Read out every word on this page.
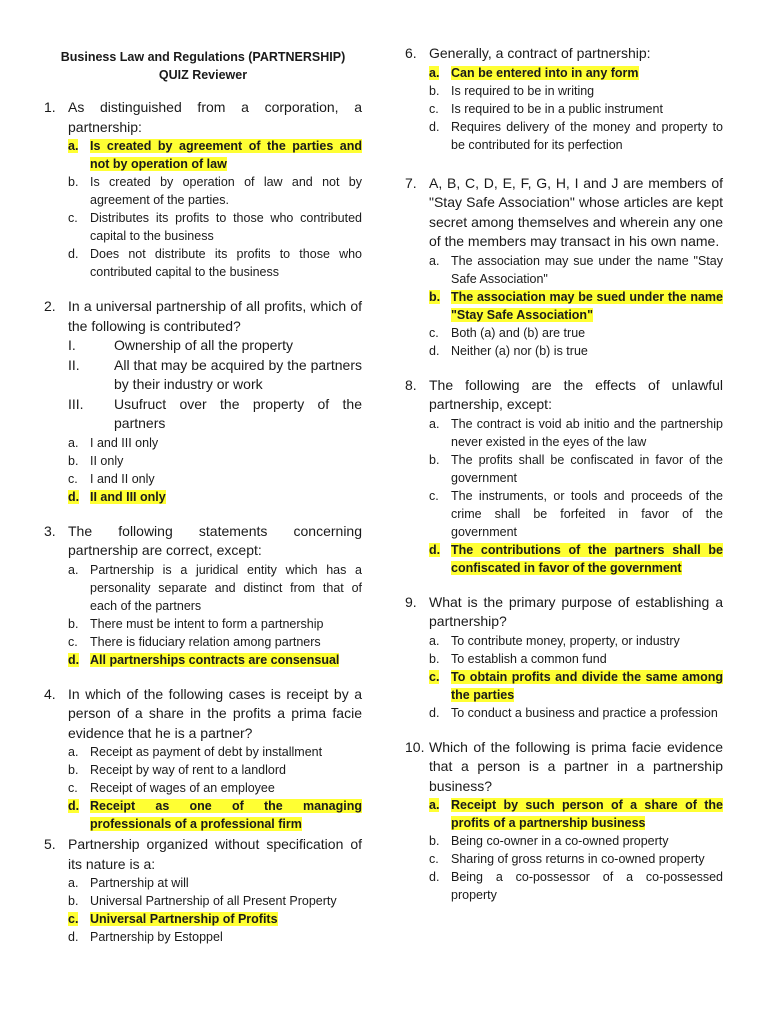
Business Law and Regulations (PARTNERSHIP)
QUIZ Reviewer
1. As distinguished from a corporation, a partnership:
a. Is created by agreement of the parties and not by operation of law
b. Is created by operation of law and not by agreement of the parties.
c. Distributes its profits to those who contributed capital to the business
d. Does not distribute its profits to those who contributed capital to the business
2. In a universal partnership of all profits, which of the following is contributed?
I.	Ownership of all the property
II.	All that may be acquired by the partners by their industry or work
III.	Usufruct over the property of the partners
a. I and III only
b. II only
c. I and II only
d. II and III only
3. The following statements concerning partnership are correct, except:
a. Partnership is a juridical entity which has a personality separate and distinct from that of each of the partners
b. There must be intent to form a partnership
c. There is fiduciary relation among partners
d. All partnerships contracts are consensual
4. In which of the following cases is receipt by a person of a share in the profits a prima facie evidence that he is a partner?
a. Receipt as payment of debt by installment
b. Receipt by way of rent to a landlord
c. Receipt of wages of an employee
d. Receipt as one of the managing professionals of a professional firm
5. Partnership organized without specification of its nature is a:
a. Partnership at will
b. Universal Partnership of all Present Property
c. Universal Partnership of Profits
d. Partnership by Estoppel
6. Generally, a contract of partnership:
a. Can be entered into in any form
b. Is required to be in writing
c. Is required to be in a public instrument
d. Requires delivery of the money and property to be contributed for its perfection
7. A, B, C, D, E, F, G, H, I and J are members of "Stay Safe Association" whose articles are kept secret among themselves and wherein any one of the members may transact in his own name.
a. The association may sue under the name "Stay Safe Association"
b. The association may be sued under the name "Stay Safe Association"
c. Both (a) and (b) are true
d. Neither (a) nor (b) is true
8. The following are the effects of unlawful partnership, except:
a. The contract is void ab initio and the partnership never existed in the eyes of the law
b. The profits shall be confiscated in favor of the government
c. The instruments, or tools and proceeds of the crime shall be forfeited in favor of the government
d. The contributions of the partners shall be confiscated in favor of the government
9. What is the primary purpose of establishing a partnership?
a. To contribute money, property, or industry
b. To establish a common fund
c. To obtain profits and divide the same among the parties
d. To conduct a business and practice a profession
10. Which of the following is prima facie evidence that a person is a partner in a partnership business?
a. Receipt by such person of a share of the profits of a partnership business
b. Being co-owner in a co-owned property
c. Sharing of gross returns in co-owned property
d. Being a co-possessor of a co-possessed property
